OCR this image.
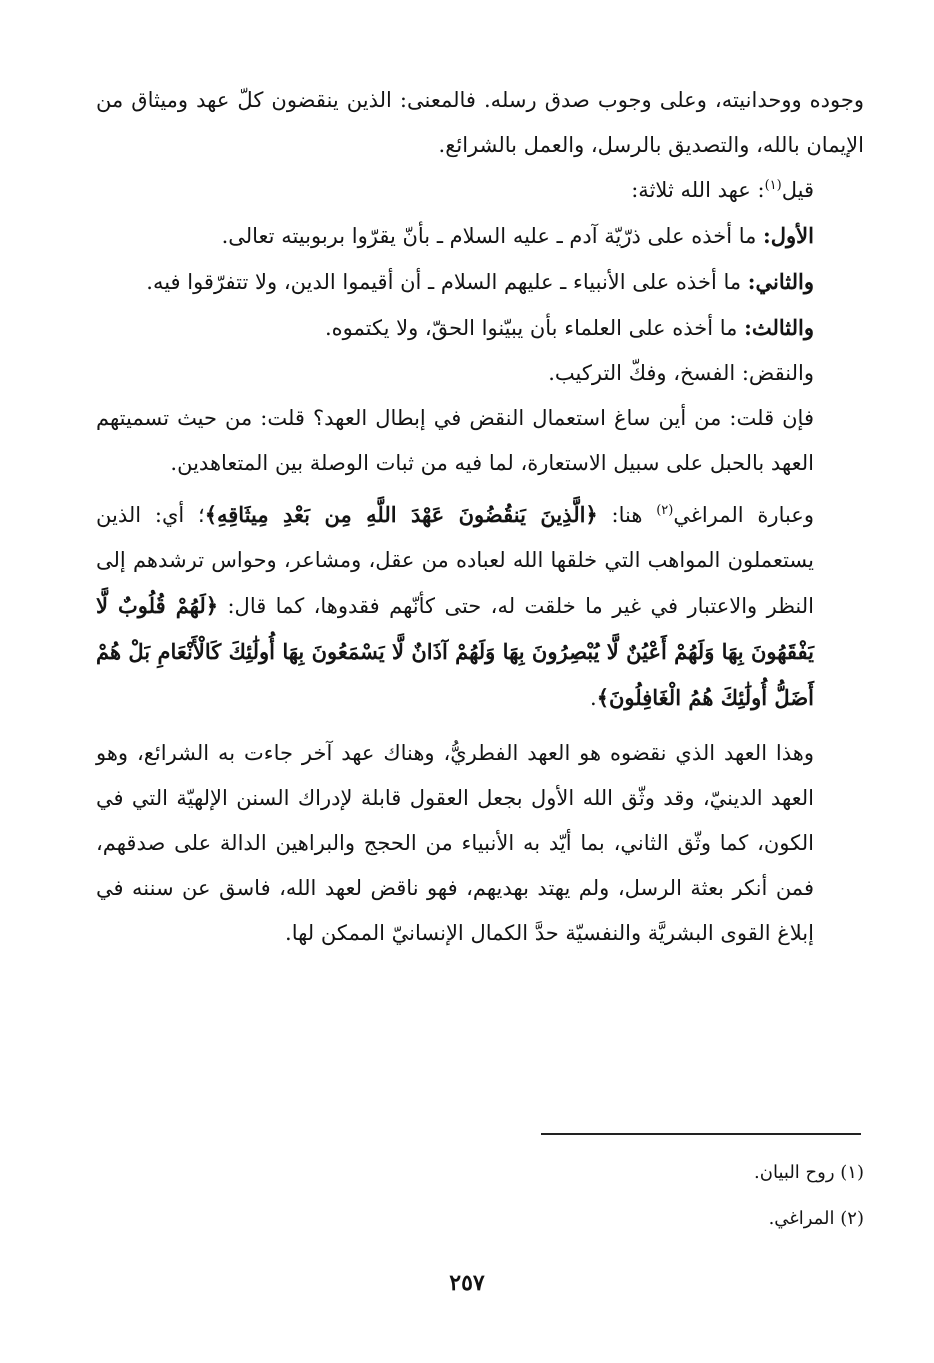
وجوده ووحدانيته، وعلى وجوب صدق رسله. فالمعنى: الذين ينقضون كلّ عهد وميثاق من الإيمان بالله، والتصديق بالرسل، والعمل بالشرائع.

قيل$^{(١)}$: عهد الله ثلاثة:

الأول: ما أخذه على ذرّيّة آدم ـ عليه السلام ـ بأنّ يقرّوا بربوبيته تعالى.

والثاني: ما أخذه على الأنبياء ـ عليهم السلام ـ أن أقيموا الدين، ولا تتفرّقوا فيه.

والثالث: ما أخذه على العلماء بأن يبيّنوا الحقّ، ولا يكتموه.

والنقض: الفسخ، وفكّ التركيب.

فإن قلت: من أين ساغ استعمال النقض في إبطال العهد؟ قلت: من حيث تسميتهم العهد بالحبل على سبيل الاستعارة، لما فيه من ثبات الوصلة بين المتعاهدين.

وعبارة المراغي$^{(٢)}$ هنا: ﴿الَّذِينَ يَنقُضُونَ عَهْدَ اللَّهِ مِن بَعْدِ مِيثَاقِهِ﴾؛ أي: الذين يستعملون المواهب التي خلقها الله لعباده من عقل، ومشاعر، وحواس ترشدهم إلى النظر والاعتبار في غير ما خلقت له، حتى كأنّهم فقدوها، كما قال: ﴿لَهُمْ قُلُوبٌ لَّا يَفْقَهُونَ بِهَا وَلَهُمْ أَعْيُنٌ لَّا يُبْصِرُونَ بِهَا وَلَهُمْ آذَانٌ لَّا يَسْمَعُونَ بِهَا أُولَٰئِكَ كَالْأَنْعَامِ بَلْ هُمْ أَضَلُّ أُولَٰئِكَ هُمُ الْغَافِلُونَ﴾.

وهذا العهد الذي نقضوه هو العهد الفطريُّ، وهناك عهد آخر جاءت به الشرائع، وهو العهد الدينيّ، وقد وثّق الله الأول بجعل العقول قابلة لإدراك السنن الإلهيّة التي في الكون، كما وثّق الثاني، بما أيّد به الأنبياء من الحجج والبراهين الدالة على صدقهم، فمن أنكر بعثة الرسل، ولم يهتد بهديهم، فهو ناقض لعهد الله، فاسق عن سننه في إبلاغ القوى البشريَّة والنفسيّة حدَّ الكمال الإنسانيّ الممكن لها.

(١) روح البيان.
(٢) المراغي.
٢٥٧
